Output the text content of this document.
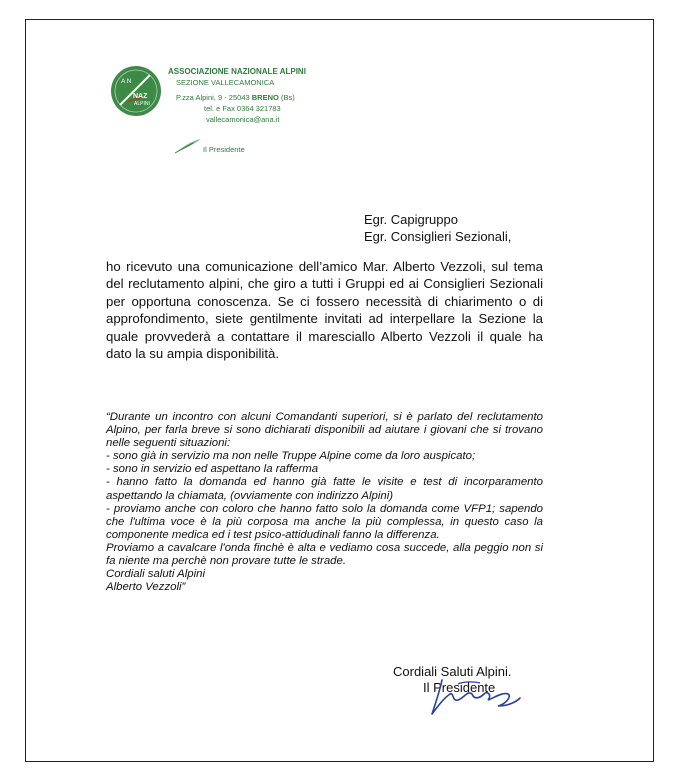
A N
NAZ
ALPINI
ASSOCIAZIONE NAZIONALE ALPINI
SEZIONE VALLECAMONICA
P.zza Alpini, 9 - 25043 BRENO (Bs)
tel. e Fax 0364 321783
vallecamonica@ana.it
Il Presidente
Egr. Capigruppo
Egr. Consiglieri Sezionali,
ho ricevuto una comunicazione dell’amico Mar. Alberto Vezzoli, sul tema del reclutamento alpini, che giro a tutti i Gruppi ed ai Consiglieri Sezionali per opportuna conoscenza. Se ci fossero necessità di chiarimento o di approfondimento, siete gentilmente invitati ad interpellare la Sezione la quale provvederà a contattare il maresciallo Alberto Vezzoli il quale ha dato la su ampia disponibilità.

“Durante un incontro con alcuni Comandanti superiori, si è parlato del reclutamento Alpino, per farla breve si sono dichiarati disponibili ad aiutare i giovani che si trovano nelle seguenti situazioni:

- sono già in servizio ma non nelle Truppe Alpine come da loro auspicato;

- sono in servizio ed aspettano la rafferma

- hanno fatto la domanda ed hanno già fatte le visite e test di incorparamento aspettando la chiamata, (ovviamente con indirizzo Alpini)

- proviamo anche con coloro che hanno fatto solo la domanda come VFP1; sapendo che l'ultima voce è la più corposa ma anche la più complessa, in questo caso la componente medica ed i test psico-attidudinali fanno la differenza.

Proviamo a cavalcare l'onda finchè è alta e vediamo cosa succede, alla peggio non si fa niente ma perchè non provare tutte le strade.

Cordiali saluti Alpini

Alberto Vezzoli”

Cordiali Saluti Alpini.
Il Presidente
